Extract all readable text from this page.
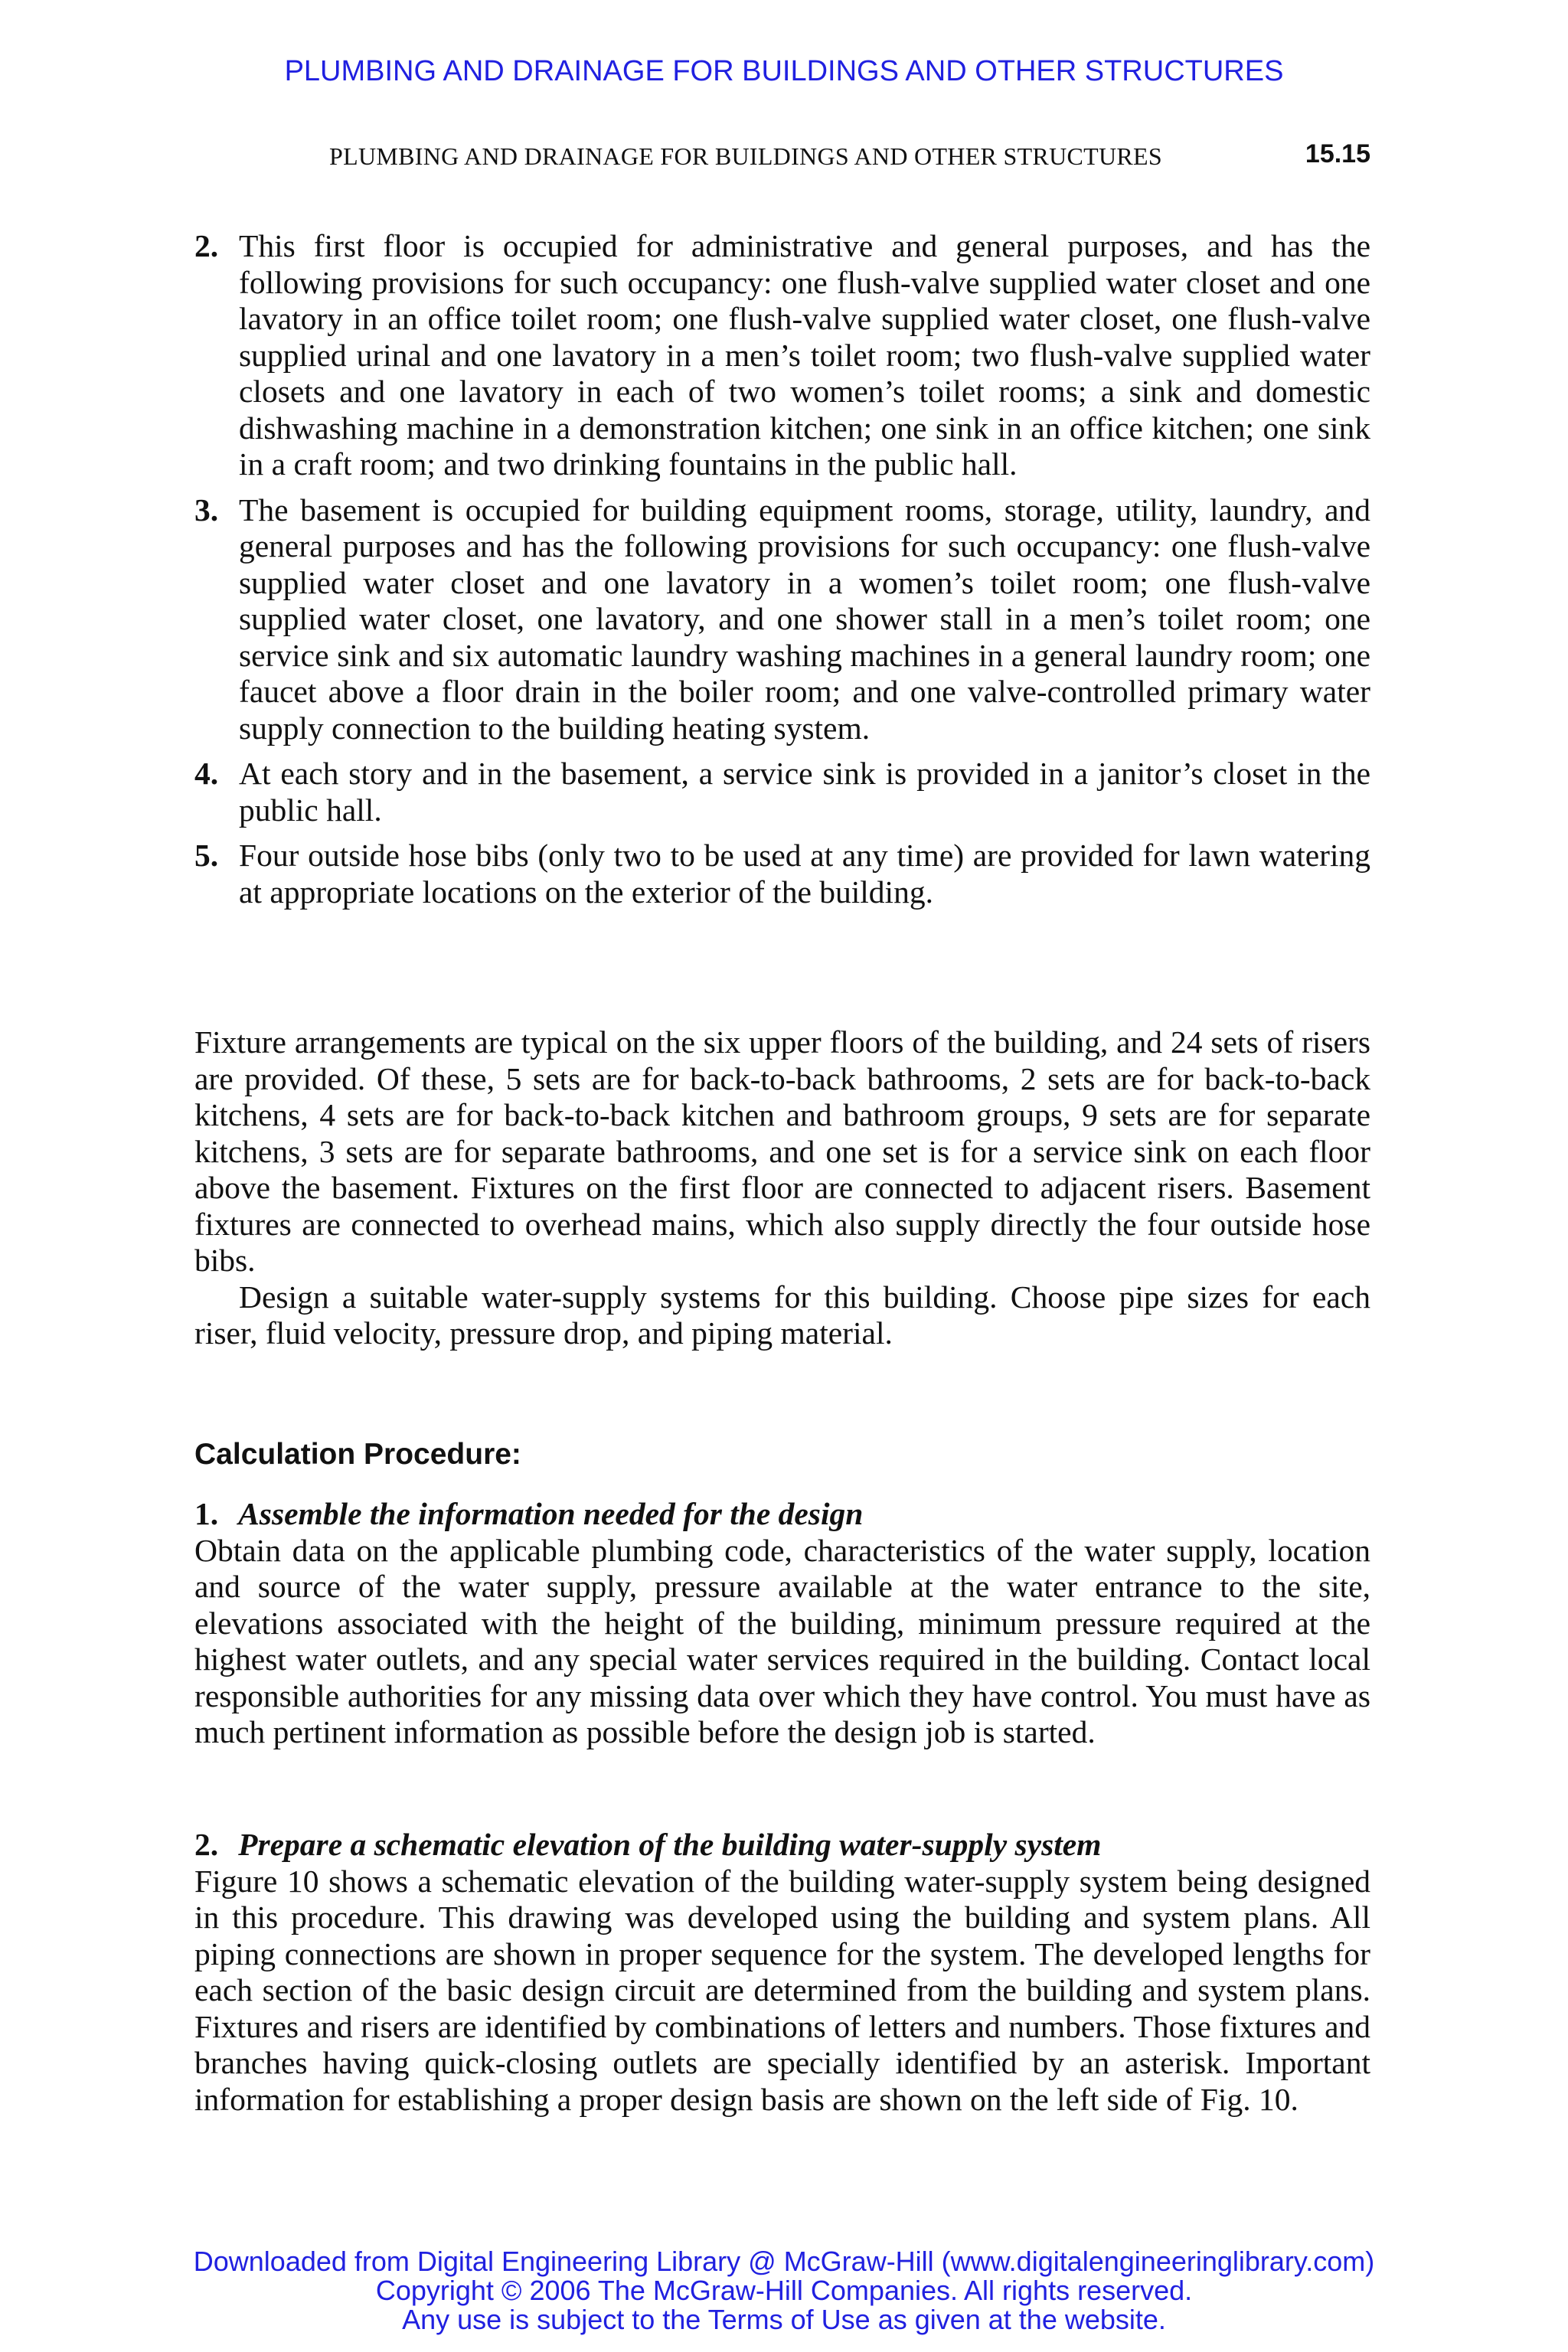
PLUMBING AND DRAINAGE FOR BUILDINGS AND OTHER STRUCTURES
PLUMBING AND DRAINAGE FOR BUILDINGS AND OTHER STRUCTURES	15.15
2. This first floor is occupied for administrative and general purposes, and has the following provisions for such occupancy: one flush-valve supplied water closet and one lavatory in an office toilet room; one flush-valve supplied water closet, one flush-valve supplied urinal and one lavatory in a men’s toilet room; two flush-valve supplied water closets and one lavatory in each of two women’s toilet rooms; a sink and domestic dishwashing machine in a demonstration kitchen; one sink in an office kitchen; one sink in a craft room; and two drinking fountains in the public hall.
3. The basement is occupied for building equipment rooms, storage, utility, laundry, and general purposes and has the following provisions for such occupancy: one flush-valve supplied water closet and one lavatory in a women’s toilet room; one flush-valve supplied water closet, one lavatory, and one shower stall in a men’s toilet room; one service sink and six automatic laundry washing machines in a general laundry room; one faucet above a floor drain in the boiler room; and one valve-controlled primary water supply connection to the building heating system.
4. At each story and in the basement, a service sink is provided in a janitor’s closet in the public hall.
5. Four outside hose bibs (only two to be used at any time) are provided for lawn watering at appropriate locations on the exterior of the building.

Fixture arrangements are typical on the six upper floors of the building, and 24 sets of risers are provided. Of these, 5 sets are for back-to-back bathrooms, 2 sets are for back-to-back kitchens, 4 sets are for back-to-back kitchen and bathroom groups, 9 sets are for separate kitchens, 3 sets are for separate bathrooms, and one set is for a service sink on each floor above the basement. Fixtures on the first floor are connected to adjacent risers. Basement fixtures are connected to overhead mains, which also supply directly the four outside hose bibs.

Design a suitable water-supply systems for this building. Choose pipe sizes for each riser, fluid velocity, pressure drop, and piping material.

Calculation Procedure:
1. Assemble the information needed for the design

Obtain data on the applicable plumbing code, characteristics of the water supply, location and source of the water supply, pressure available at the water entrance to the site, elevations associated with the height of the building, minimum pressure required at the highest water outlets, and any special water services required in the building. Contact local responsible authorities for any missing data over which they have control. You must have as much pertinent information as possible before the design job is started.

2. Prepare a schematic elevation of the building water-supply system

Figure 10 shows a schematic elevation of the building water-supply system being designed in this procedure. This drawing was developed using the building and system plans. All piping connections are shown in proper sequence for the system. The developed lengths for each section of the basic design circuit are determined from the building and system plans. Fixtures and risers are identified by combinations of letters and numbers. Those fixtures and branches having quick-closing outlets are specially identified by an asterisk. Important information for establishing a proper design basis are shown on the left side of Fig. 10.

Downloaded from Digital Engineering Library @ McGraw-Hill (www.digitalengineeringlibrary.com)
Copyright © 2006 The McGraw-Hill Companies. All rights reserved.
Any use is subject to the Terms of Use as given at the website.
